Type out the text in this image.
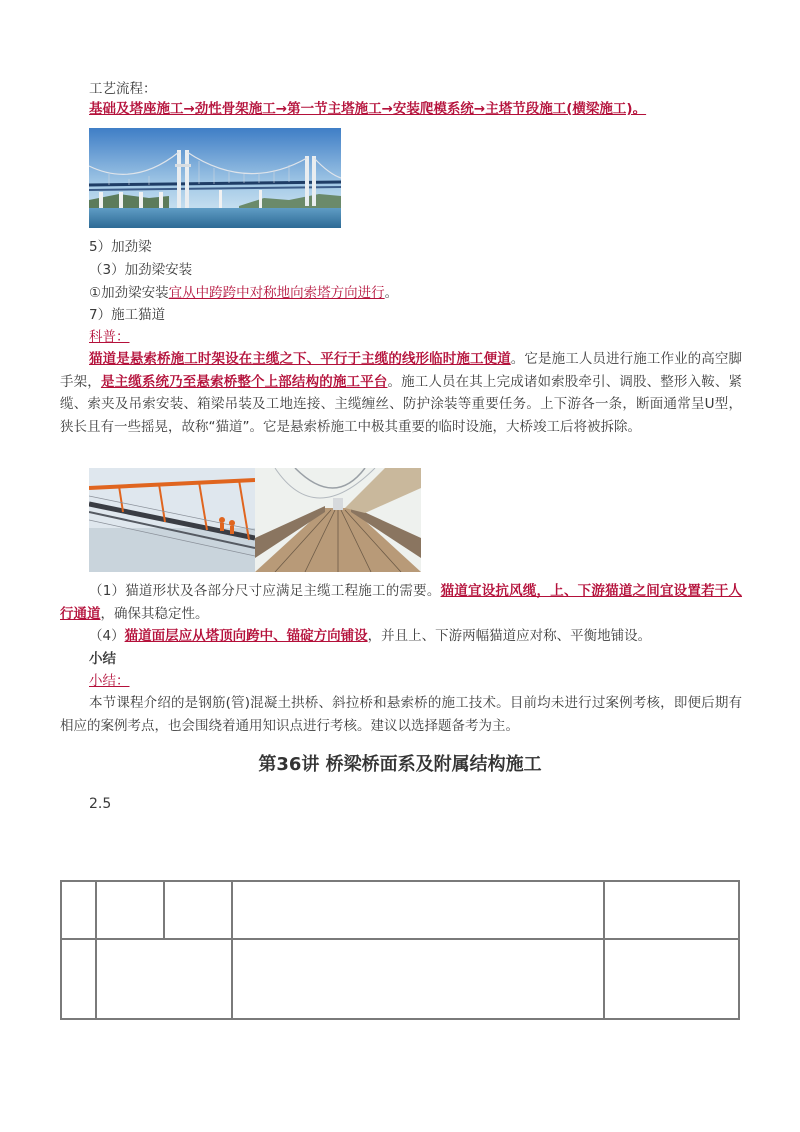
工艺流程：
基础及塔座施工→劲性骨架施工→第一节主塔施工→安装爬模系统→主塔节段施工(横梁施工)。
5）加劲梁
（3）加劲梁安装
①加劲梁安装宜从中跨跨中对称地向索塔方向进行。
7）施工猫道
科普：
猫道是悬索桥施工时架设在主缆之下、平行于主缆的线形临时施工便道。它是施工人员进行施工作业的高空脚手架，是主缆系统乃至悬索桥整个上部结构的施工平台。施工人员在其上完成诸如索股牵引、调股、整形入鞍、紧缆、索夹及吊索安装、箱梁吊装及工地连接、主缆缠丝、防护涂装等重要任务。上下游各一条，断面通常呈U型，狭长且有一些摇晃，故称“猫道”。它是悬索桥施工中极其重要的临时设施，大桥竣工后将被拆除。
（1）猫道形状及各部分尺寸应满足主缆工程施工的需要。猫道宜设抗风缆，上、下游猫道之间宜设置若干人行通道，确保其稳定性。
（4）猫道面层应从塔顶向跨中、锚碇方向铺设，并且上、下游两幅猫道应对称、平衡地铺设。
小结
小结：
本节课程介绍的是钢筋(管)混凝土拱桥、斜拉桥和悬索桥的施工技术。目前均未进行过案例考核，即便后期有相应的案例考点，也会围绕着通用知识点进行考核。建议以选择题备考为主。
第36讲 桥梁桥面系及附属结构施工
2.5
